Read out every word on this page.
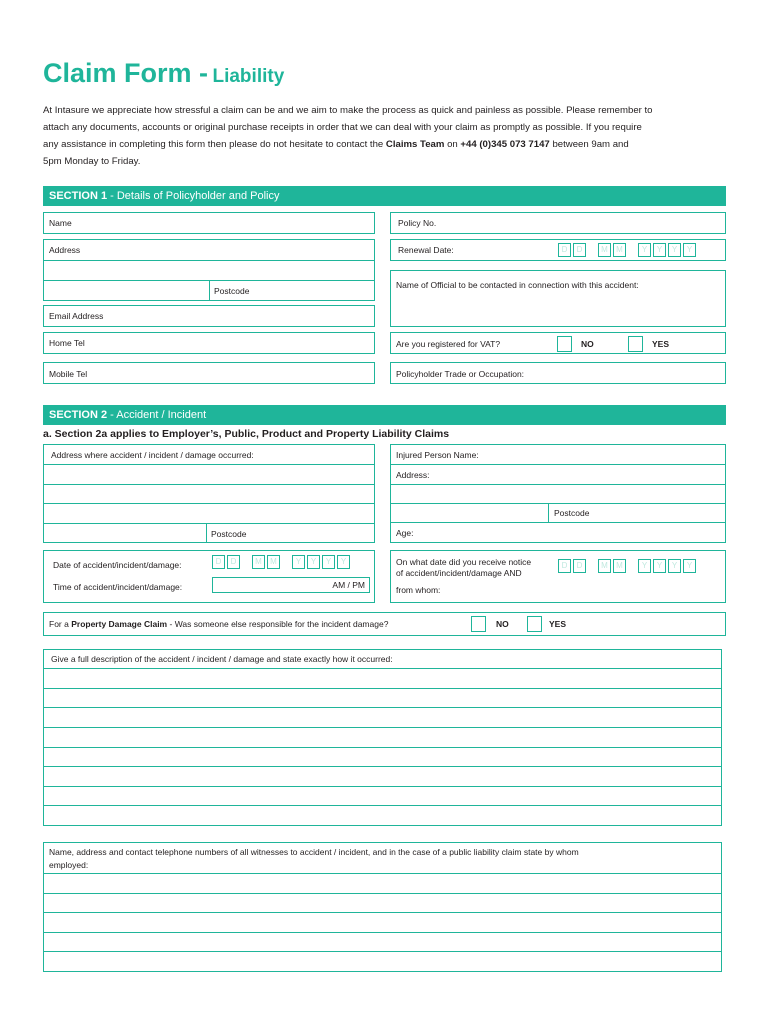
Claim Form - Liability
At Intasure we appreciate how stressful a claim can be and we aim to make the process as quick and painless as possible. Please remember to
attach any documents, accounts or original purchase receipts in order that we can deal with your claim as promptly as possible. If you require
any assistance in completing this form then please do not hesitate to contact the Claims Team on +44 (0)345 073 7147 between 9am and
5pm Monday to Friday.
SECTION 1 - Details of Policyholder and Policy
Name
Address
Postcode
Email Address
Home Tel
Mobile Tel
Policy No.
Renewal Date:	D	D	M	M	Y	Y	Y	Y
Name of Official to be contacted in connection with this accident:
Are you registered for VAT?	NO	YES
Policyholder Trade or Occupation:
SECTION 2 - Accident / Incident
a. Section 2a applies to Employer’s, Public, Product and Property Liability Claims
Address where accident / incident / damage occurred:
Postcode
Injured Person Name:
Address:
Postcode
Age:
Date of accident/incident/damage:	D	D	M	M	Y	Y	Y	Y
Time of accident/incident/damage:	AM / PM
On what date did you receive notice
of accident/incident/damage AND
D	D	M	M	Y	Y	Y	Y
from whom:
For a Property Damage Claim - Was someone else responsible for the incident damage?	NO	YES
Give a full description of the accident / incident / damage and state exactly how it occurred:
Name, address and contact telephone numbers of all witnesses to accident / incident, and in the case of a public liability claim state by whom
employed:
